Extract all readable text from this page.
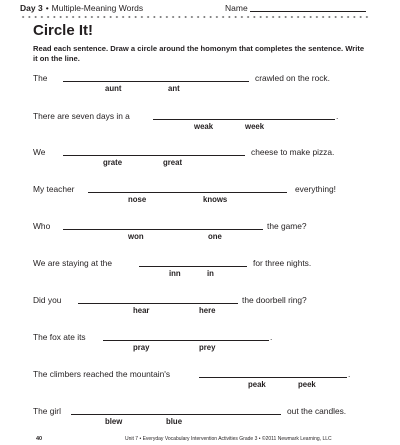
Day 3 • Multiple-Meaning Words	Name
Circle It!
Read each sentence. Draw a circle around the homonym that completes the sentence. Write it on the line.
The	crawled on the rock.
aunt	ant
There are seven days in a	.
weak	week
We	cheese to make pizza.
grate	great
My teacher	everything!
nose	knows
Who	the game?
won	one
We are staying at the	for three nights.
inn	in
Did you	the doorbell ring?
hear	here
The fox ate its	.
pray	prey
The climbers reached the mountain's	.
peak	peek
The girl	out the candles.
blew	blue
40	Unit 7 • Everyday Vocabulary Intervention Activities Grade 3 • ©2011 Newmark Learning, LLC
